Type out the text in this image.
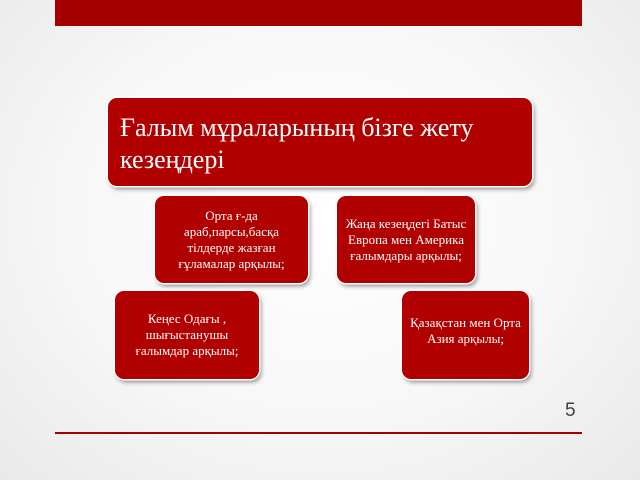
Ғалым мұраларының бізге жету кезеңдері
Орта ғ-да араб,парсы,басқа тілдерде жазған ғұламалар арқылы;
Жаңа кезеңдегі Батыс Европа мен Америка ғалымдары арқылы;
Кеңес Одағы , шығыстанушы ғалымдар арқылы;
Қазақстан мен Орта Азия арқылы;
5
